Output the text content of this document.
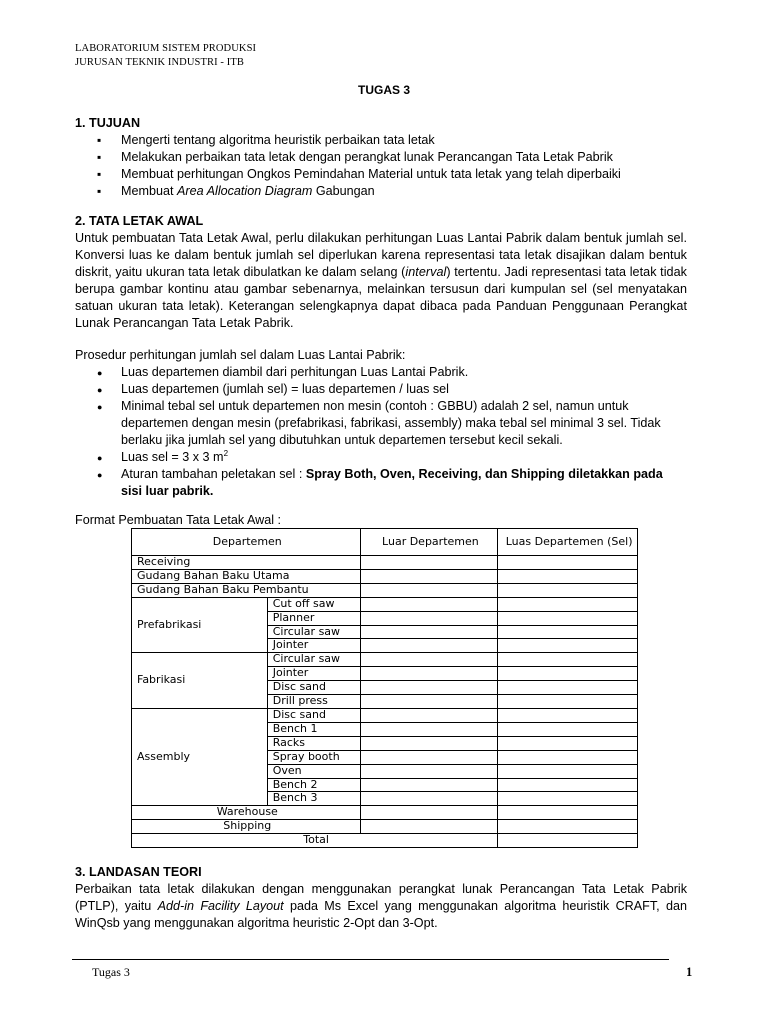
LABORATORIUM SISTEM PRODUKSI
JURUSAN TEKNIK INDUSTRI - ITB
TUGAS 3
1. TUJUAN
▪ Mengerti tentang algoritma heuristik perbaikan tata letak
▪ Melakukan perbaikan tata letak dengan perangkat lunak Perancangan Tata Letak Pabrik
▪ Membuat perhitungan Ongkos Pemindahan Material untuk tata letak yang telah diperbaiki
▪ Membuat Area Allocation Diagram Gabungan
2. TATA LETAK AWAL

Untuk pembuatan Tata Letak Awal, perlu dilakukan perhitungan Luas Lantai Pabrik dalam bentuk jumlah sel. Konversi luas ke dalam bentuk jumlah sel diperlukan karena representasi tata letak disajikan dalam bentuk diskrit, yaitu ukuran tata letak dibulatkan ke dalam selang (interval) tertentu. Jadi representasi tata letak tidak berupa gambar kontinu atau gambar sebenarnya, melainkan tersusun dari kumpulan sel (sel menyatakan satuan ukuran tata letak). Keterangan selengkapnya dapat dibaca pada Panduan Penggunaan Perangkat Lunak Perancangan Tata Letak Pabrik.

Prosedur perhitungan jumlah sel dalam Luas Lantai Pabrik:

● Luas departemen diambil dari perhitungan Luas Lantai Pabrik.
● Luas departemen (jumlah sel) = luas departemen / luas sel
● Minimal tebal sel untuk departemen non mesin (contoh : GBBU) adalah 2 sel, namun untuk departemen dengan mesin (prefabrikasi, fabrikasi, assembly) maka tebal sel minimal 3 sel. Tidak berlaku jika jumlah sel yang dibutuhkan untuk departemen tersebut kecil sekali.
● Luas sel = 3 x 3 $m^2$
● Aturan tambahan peletakan sel : Spray Both, Oven, Receiving, dan Shipping diletakkan pada sisi luar pabrik.

Format Pembuatan Tata Letak Awal :

Departemen		Luar Departemen	Luas Departemen (Sel)
Receiving			
Gudang Bahan Baku Utama			
Gudang Bahan Baku Pembantu			
Prefabrikasi	Cut off saw		
	Planner		
	Circular saw		
	Jointer		
Fabrikasi	Circular saw		
	Jointer		
	Disc sand		
	Drill press		
Assembly	Disc sand		
	Bench 1		
	Racks		
	Spray booth		
	Oven		
	Bench 2		
	Bench 3		
Warehouse			
Shipping			
Total			
3. LANDASAN TEORI

Perbaikan tata letak dilakukan dengan menggunakan perangkat lunak Perancangan Tata Letak Pabrik (PTLP), yaitu Add-in Facility Layout pada Ms Excel yang menggunakan algoritma heuristik CRAFT, dan WinQsb yang menggunakan algoritma heuristic 2-Opt dan 3-Opt.

Tugas 3	1
